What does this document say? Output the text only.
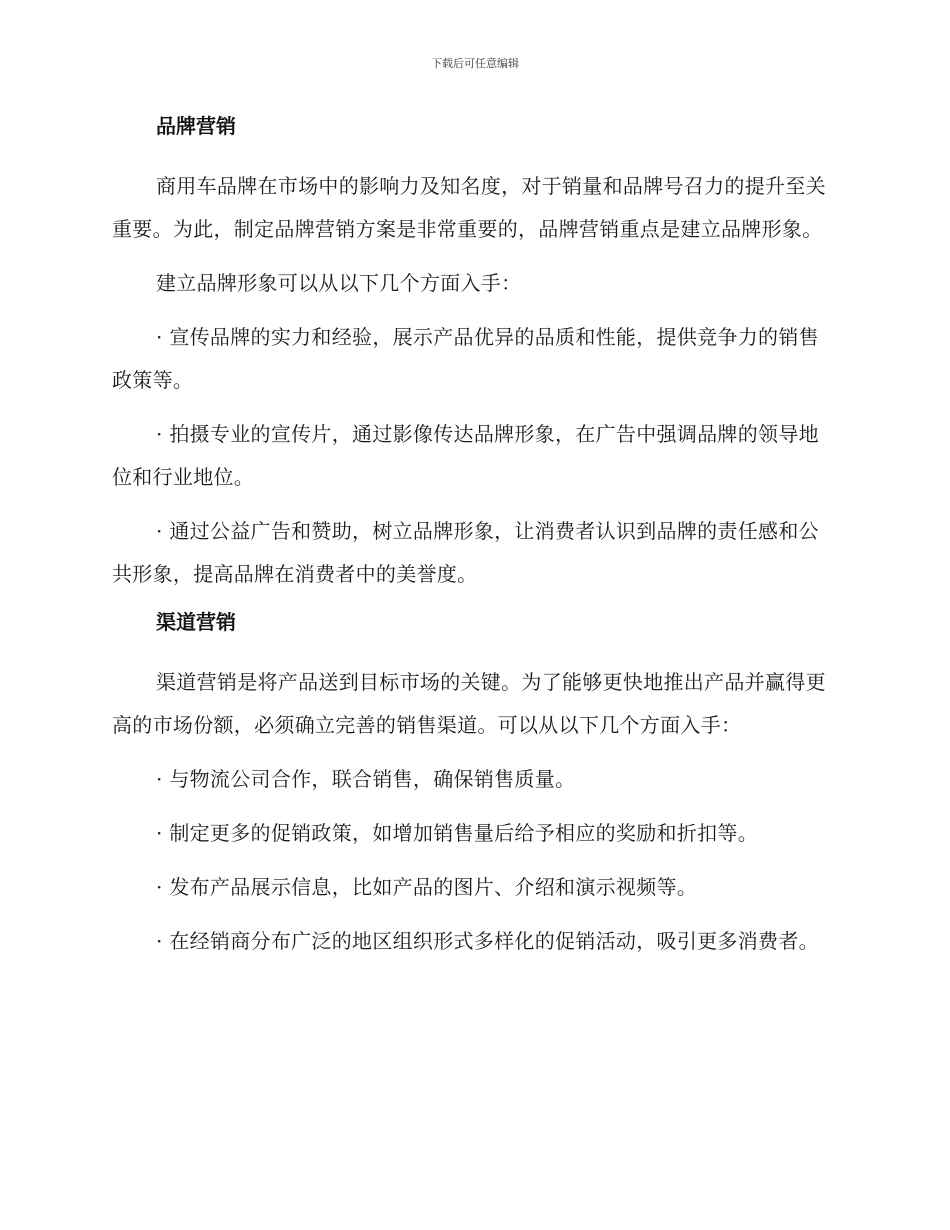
下载后可任意编辑
品牌营销

商用车品牌在市场中的影响力及知名度，对于销量和品牌号召力的提升至关重要。为此，制定品牌营销方案是非常重要的，品牌营销重点是建立品牌形象。

建立品牌形象可以从以下几个方面入手：

· 宣传品牌的实力和经验，展示产品优异的品质和性能，提供竞争力的销售政策等。

· 拍摄专业的宣传片，通过影像传达品牌形象，在广告中强调品牌的领导地位和行业地位。

· 通过公益广告和赞助，树立品牌形象，让消费者认识到品牌的责任感和公共形象，提高品牌在消费者中的美誉度。

渠道营销

渠道营销是将产品送到目标市场的关键。为了能够更快地推出产品并赢得更高的市场份额，必须确立完善的销售渠道。可以从以下几个方面入手：

· 与物流公司合作，联合销售，确保销售质量。

· 制定更多的促销政策，如增加销售量后给予相应的奖励和折扣等。

· 发布产品展示信息，比如产品的图片、介绍和演示视频等。

· 在经销商分布广泛的地区组织形式多样化的促销活动，吸引更多消费者。
